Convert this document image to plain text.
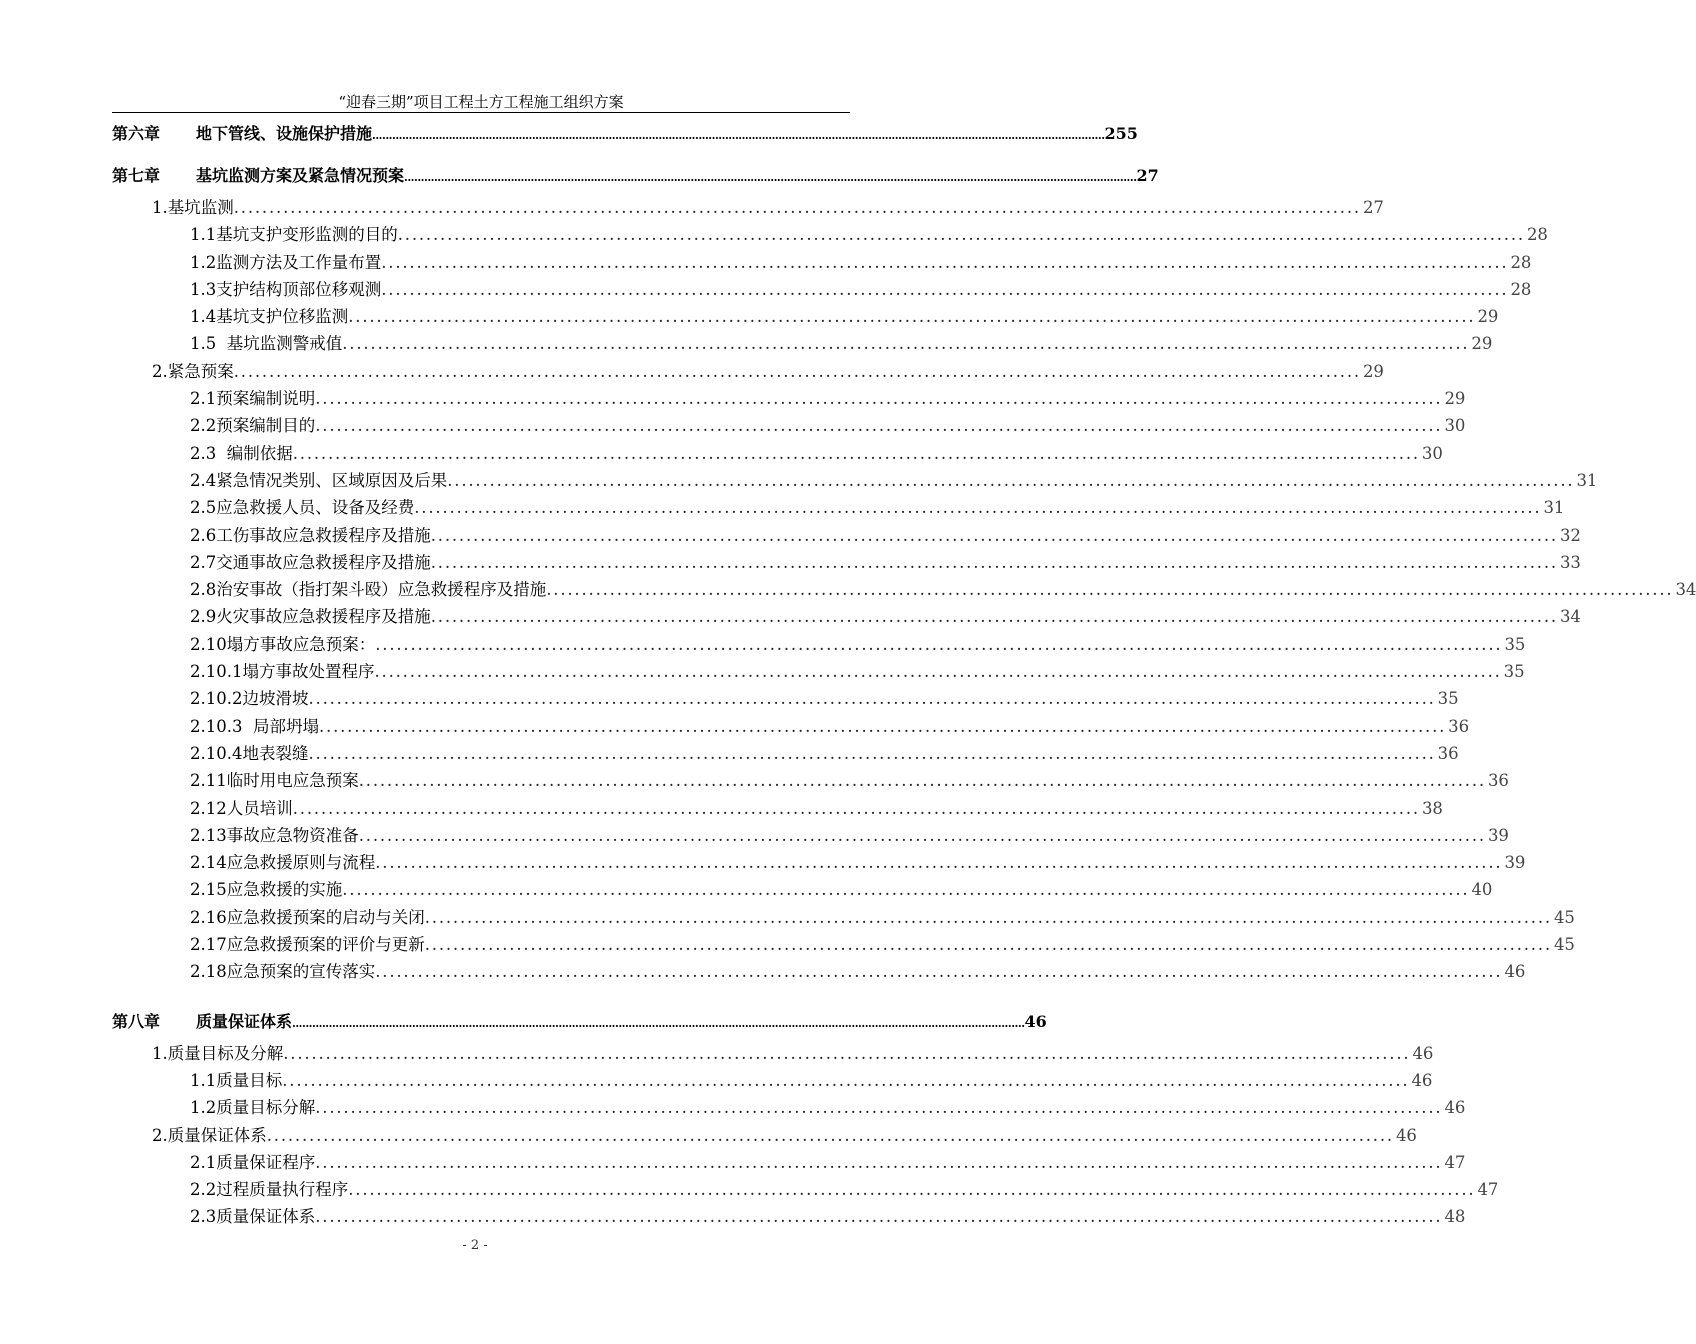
“迎春三期”项目工程土方工程施工组织方案
第六章 地下管线、设施保护措施 ............................................................................................................................................................................................................................ 255
第七章 基坑监测方案及紧急情况预案 ............................................................................................................................................................................................................................ 27
1.基坑监测 ................................................................................................................................................................ 27
1.1基坑支护变形监测的目的 ................................................................................................................................................................ 28
1.2监测方法及工作量布置 ................................................................................................................................................................ 28
1.3支护结构顶部位移观测 ................................................................................................................................................................ 28
1.4基坑支护位移监测 ................................................................................................................................................................ 29
1.5  基坑监测警戒值 ................................................................................................................................................................ 29
2.紧急预案 ................................................................................................................................................................ 29
2.1预案编制说明 ................................................................................................................................................................ 29
2.2预案编制目的 ................................................................................................................................................................ 30
2.3  编制依据 ................................................................................................................................................................ 30
2.4紧急情况类别、区域原因及后果 ................................................................................................................................................................ 31
2.5应急救援人员、设备及经费 ................................................................................................................................................................ 31
2.6工伤事故应急救援程序及措施 ................................................................................................................................................................ 32
2.7交通事故应急救援程序及措施 ................................................................................................................................................................ 33
2.8治安事故（指打架斗殴）应急救援程序及措施 ................................................................................................................................................................ 34
2.9火灾事故应急救援程序及措施 ................................................................................................................................................................ 34
2.10塌方事故应急预案： ................................................................................................................................................................ 35
2.10.1塌方事故处置程序 ................................................................................................................................................................ 35
2.10.2边坡滑坡 ................................................................................................................................................................ 35
2.10.3  局部坍塌 ................................................................................................................................................................ 36
2.10.4地表裂缝 ................................................................................................................................................................ 36
2.11临时用电应急预案 ................................................................................................................................................................ 36
2.12人员培训 ................................................................................................................................................................ 38
2.13事故应急物资准备 ................................................................................................................................................................ 39
2.14应急救援原则与流程 ................................................................................................................................................................ 39
2.15应急救援的实施 ................................................................................................................................................................ 40
2.16应急救援预案的启动与关闭 ................................................................................................................................................................ 45
2.17应急救援预案的评价与更新 ................................................................................................................................................................ 45
2.18应急预案的宣传落实 ................................................................................................................................................................ 46
第八章 质量保证体系 ............................................................................................................................................................................................................................ 46
1.质量目标及分解 ................................................................................................................................................................ 46
1.1质量目标 ................................................................................................................................................................ 46
1.2质量目标分解 ................................................................................................................................................................ 46
2.质量保证体系 ................................................................................................................................................................ 46
2.1质量保证程序 ................................................................................................................................................................ 47
2.2过程质量执行程序 ................................................................................................................................................................ 47
2.3质量保证体系 ................................................................................................................................................................ 48
- 2 -
